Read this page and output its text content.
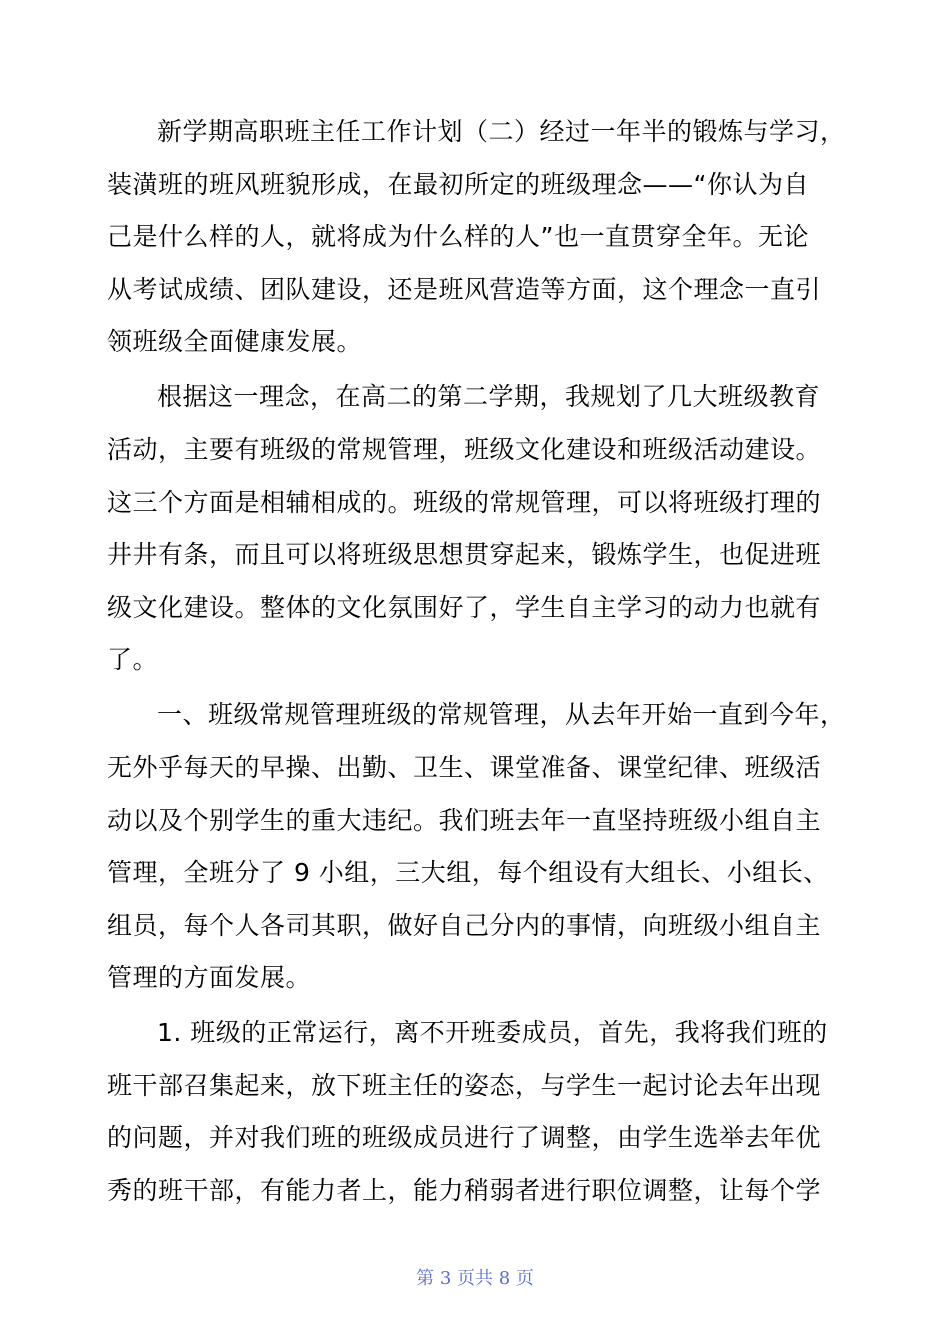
新学期高职班主任工作计划（二）经过一年半的锻炼与学习，
装潢班的班风班貌形成，在最初所定的班级理念——“你认为自
己是什么样的人，就将成为什么样的人”也一直贯穿全年。无论
从考试成绩、团队建设，还是班风营造等方面，这个理念一直引
领班级全面健康发展。
根据这一理念，在高二的第二学期，我规划了几大班级教育
活动，主要有班级的常规管理，班级文化建设和班级活动建设。
这三个方面是相辅相成的。班级的常规管理，可以将班级打理的
井井有条，而且可以将班级思想贯穿起来，锻炼学生，也促进班
级文化建设。整体的文化氛围好了，学生自主学习的动力也就有
了。
一、班级常规管理班级的常规管理，从去年开始一直到今年，
无外乎每天的早操、出勤、卫生、课堂准备、课堂纪律、班级活
动以及个别学生的重大违纪。我们班去年一直坚持班级小组自主
管理，全班分了 9 小组，三大组，每个组设有大组长、小组长、
组员，每个人各司其职，做好自己分内的事情，向班级小组自主
管理的方面发展。
1. 班级的正常运行，离不开班委成员，首先，我将我们班的
班干部召集起来，放下班主任的姿态，与学生一起讨论去年出现
的问题，并对我们班的班级成员进行了调整，由学生选举去年优
秀的班干部，有能力者上，能力稍弱者进行职位调整，让每个学
第 3 页共 8 页
